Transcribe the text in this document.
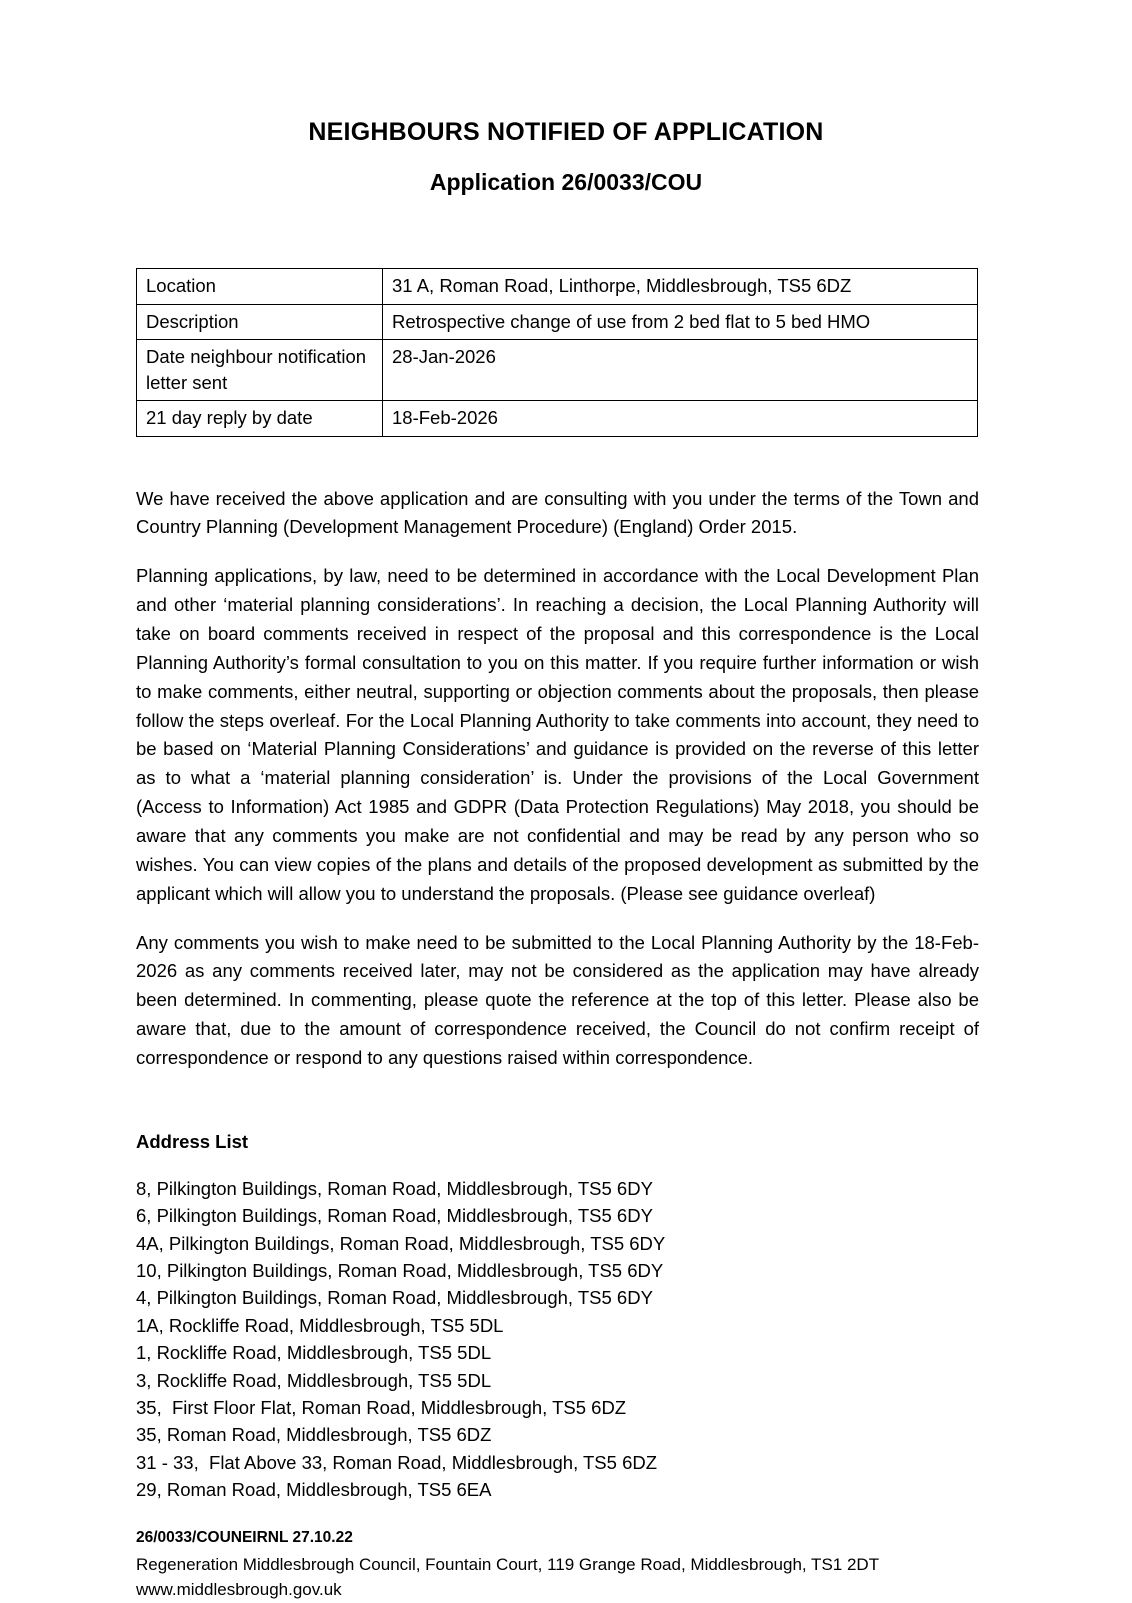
NEIGHBOURS NOTIFIED OF APPLICATION
Application 26/0033/COU
Location	31 A, Roman Road, Linthorpe, Middlesbrough, TS5 6DZ
Description	Retrospective change of use from 2 bed flat to 5 bed HMO
Date neighbour notification letter sent	28-Jan-2026
21 day reply by date	18-Feb-2026

We have received the above application and are consulting with you under the terms of the Town and Country Planning (Development Management Procedure) (England) Order 2015.

Planning applications, by law, need to be determined in accordance with the Local Development Plan and other ‘material planning considerations’. In reaching a decision, the Local Planning Authority will take on board comments received in respect of the proposal and this correspondence is the Local Planning Authority’s formal consultation to you on this matter. If you require further information or wish to make comments, either neutral, supporting or objection comments about the proposals, then please follow the steps overleaf. For the Local Planning Authority to take comments into account, they need to be based on ‘Material Planning Considerations’ and guidance is provided on the reverse of this letter as to what a ‘material planning consideration’ is. Under the provisions of the Local Government (Access to Information) Act 1985 and GDPR (Data Protection Regulations) May 2018, you should be aware that any comments you make are not confidential and may be read by any person who so wishes. You can view copies of the plans and details of the proposed development as submitted by the applicant which will allow you to understand the proposals. (Please see guidance overleaf)

Any comments you wish to make need to be submitted to the Local Planning Authority by the 18-Feb-2026 as any comments received later, may not be considered as the application may have already been determined. In commenting, please quote the reference at the top of this letter. Please also be aware that, due to the amount of correspondence received, the Council do not confirm receipt of correspondence or respond to any questions raised within correspondence.

Address List
8, Pilkington Buildings, Roman Road, Middlesbrough, TS5 6DY
6, Pilkington Buildings, Roman Road, Middlesbrough, TS5 6DY
4A, Pilkington Buildings, Roman Road, Middlesbrough, TS5 6DY
10, Pilkington Buildings, Roman Road, Middlesbrough, TS5 6DY
4, Pilkington Buildings, Roman Road, Middlesbrough, TS5 6DY
1A, Rockliffe Road, Middlesbrough, TS5 5DL
1, Rockliffe Road, Middlesbrough, TS5 5DL
3, Rockliffe Road, Middlesbrough, TS5 5DL
35,  First Floor Flat, Roman Road, Middlesbrough, TS5 6DZ
35, Roman Road, Middlesbrough, TS5 6DZ
31 - 33,  Flat Above 33, Roman Road, Middlesbrough, TS5 6DZ
29, Roman Road, Middlesbrough, TS5 6EA

26/0033/COUNEIRNL 27.10.22

Regeneration Middlesbrough Council, Fountain Court, 119 Grange Road, Middlesbrough, TS1 2DT

www.middlesbrough.gov.uk
